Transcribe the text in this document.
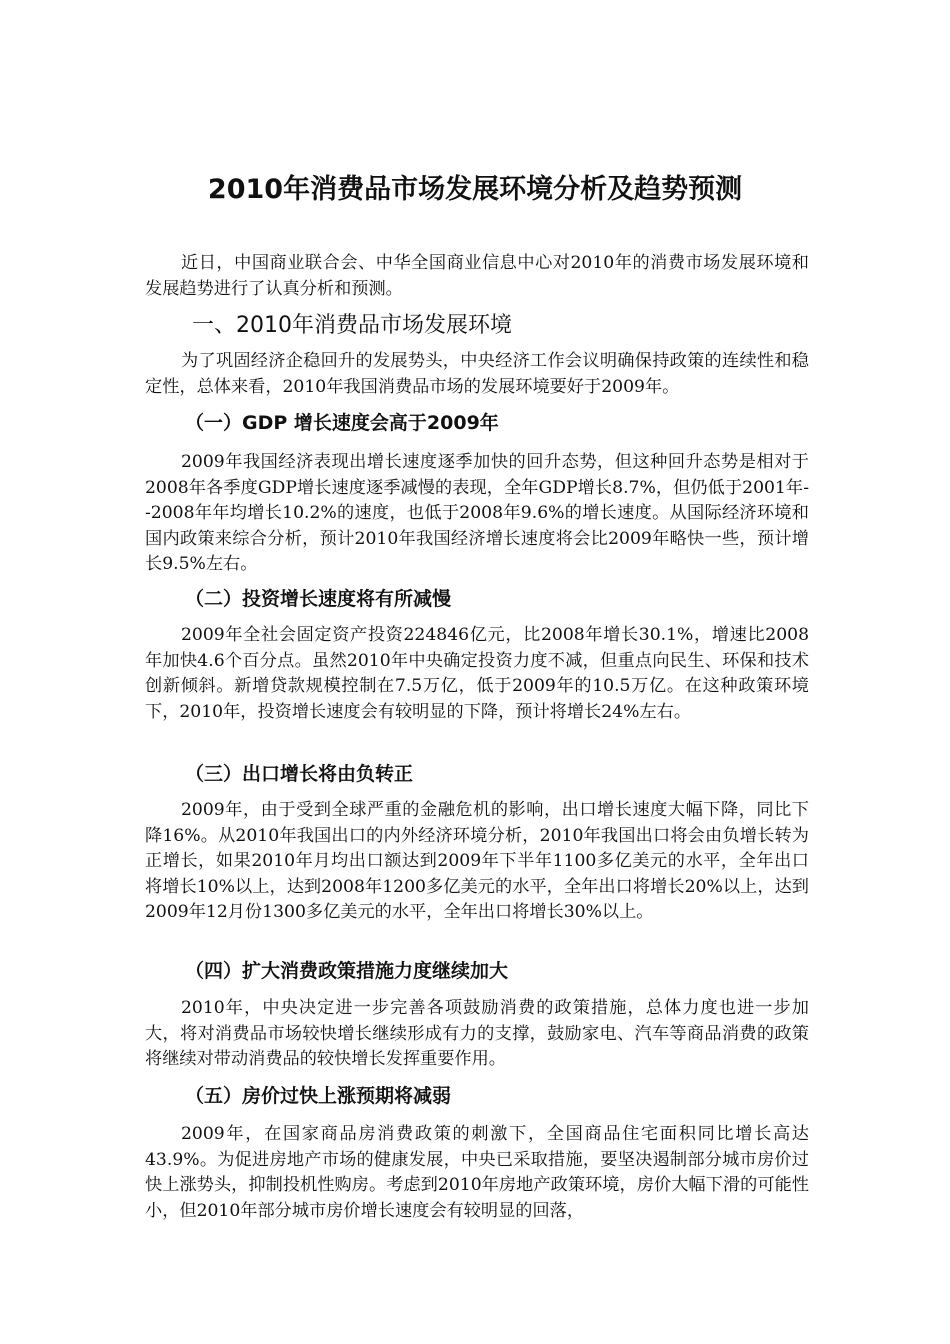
2010年消费品市场发展环境分析及趋势预测

近日，中国商业联合会、中华全国商业信息中心对2010年的消费市场发展环境和发展趋势进行了认真分析和预测。

一、2010年消费品市场发展环境

为了巩固经济企稳回升的发展势头，中央经济工作会议明确保持政策的连续性和稳定性，总体来看，2010年我国消费品市场的发展环境要好于2009年。

（一）GDP 增长速度会高于2009年

2009年我国经济表现出增长速度逐季加快的回升态势，但这种回升态势是相对于2008年各季度GDP增长速度逐季减慢的表现，全年GDP增长8.7%，但仍低于2001年--2008年年均增长10.2%的速度，也低于2008年9.6%的增长速度。从国际经济环境和国内政策来综合分析，预计2010年我国经济增长速度将会比2009年略快一些，预计增长9.5%左右。

（二）投资增长速度将有所减慢

2009年全社会固定资产投资224846亿元，比2008年增长30.1%，增速比2008年加快4.6个百分点。虽然2010年中央确定投资力度不减，但重点向民生、环保和技术创新倾斜。新增贷款规模控制在7.5万亿，低于2009年的10.5万亿。在这种政策环境下，2010年，投资增长速度会有较明显的下降，预计将增长24%左右。

（三）出口增长将由负转正

2009年，由于受到全球严重的金融危机的影响，出口增长速度大幅下降，同比下降16%。从2010年我国出口的内外经济环境分析，2010年我国出口将会由负增长转为正增长，如果2010年月均出口额达到2009年下半年1100多亿美元的水平，全年出口将增长10%以上，达到2008年1200多亿美元的水平，全年出口将增长20%以上，达到2009年12月份1300多亿美元的水平，全年出口将增长30%以上。

（四）扩大消费政策措施力度继续加大

2010年，中央决定进一步完善各项鼓励消费的政策措施，总体力度也进一步加大，将对消费品市场较快增长继续形成有力的支撑，鼓励家电、汽车等商品消费的政策将继续对带动消费品的较快增长发挥重要作用。

（五）房价过快上涨预期将减弱

2009年，在国家商品房消费政策的刺激下，全国商品住宅面积同比增长高达43.9%。为促进房地产市场的健康发展，中央已采取措施，要坚决遏制部分城市房价过快上涨势头，抑制投机性购房。考虑到2010年房地产政策环境，房价大幅下滑的可能性小，但2010年部分城市房价增长速度会有较明显的回落，
